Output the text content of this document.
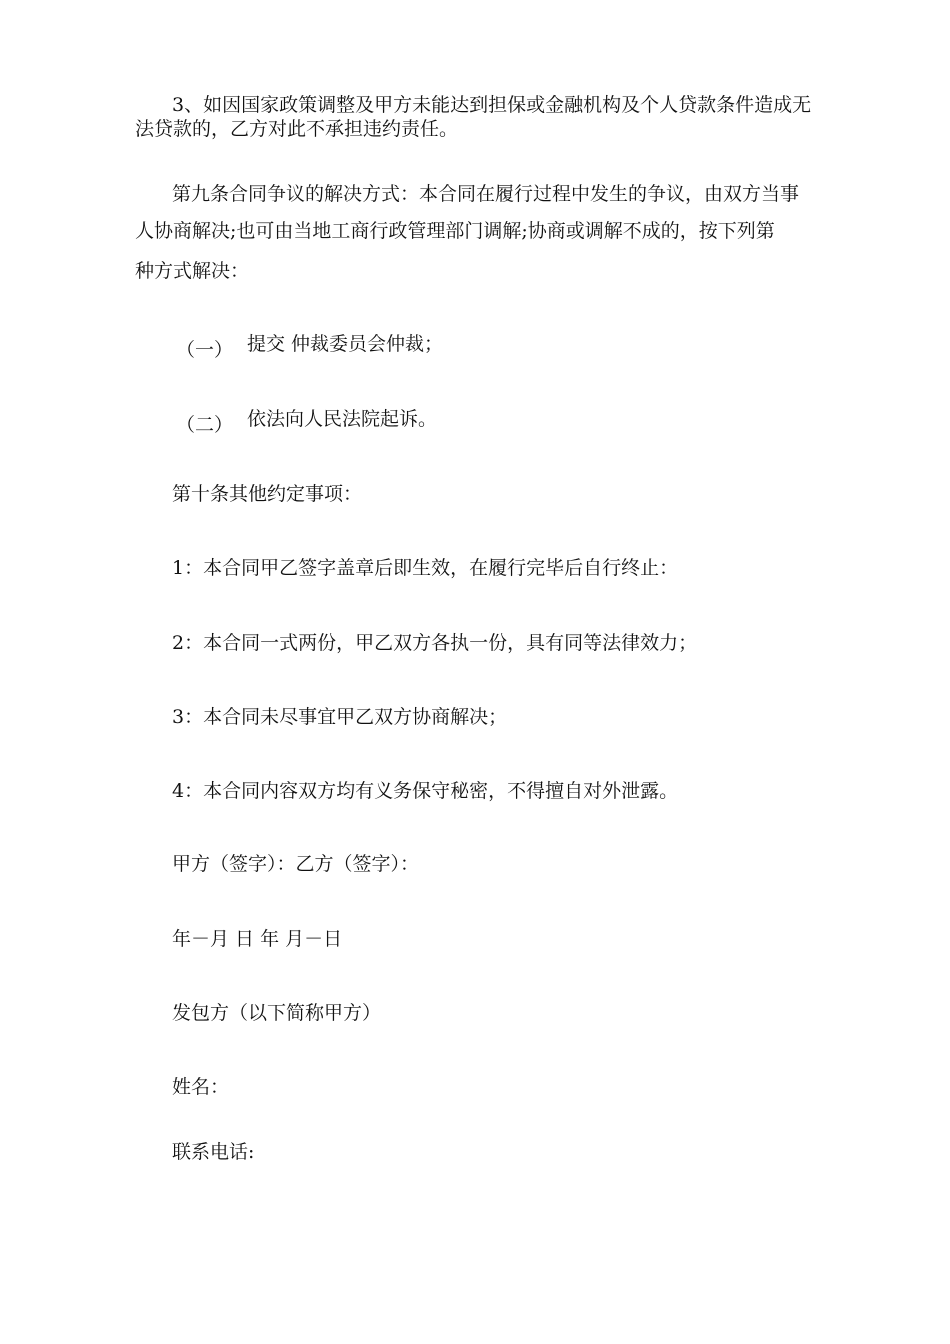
3、如因国家政策调整及甲方未能达到担保或金融机构及个人贷款条件造成无
法贷款的，乙方对此不承担违约责任。
第九条合同争议的解决方式：本合同在履行过程中发生的争议，由双方当事
人协商解决;也可由当地工商行政管理部门调解;协商或调解不成的，按下列第
种方式解决：
（一） 提交 仲裁委员会仲裁；
（二） 依法向人民法院起诉。
第十条其他约定事项：
1：本合同甲乙签字盖章后即生效，在履行完毕后自行终止：
2：本合同一式两份，甲乙双方各执一份，具有同等法律效力；
3：本合同未尽事宜甲乙双方协商解决；
4：本合同内容双方均有义务保守秘密，不得擅自对外泄露。
甲方（签字）：乙方（签字）：
年－月 日 年 月－日
发包方（以下简称甲方）
姓名：
联系电话:
